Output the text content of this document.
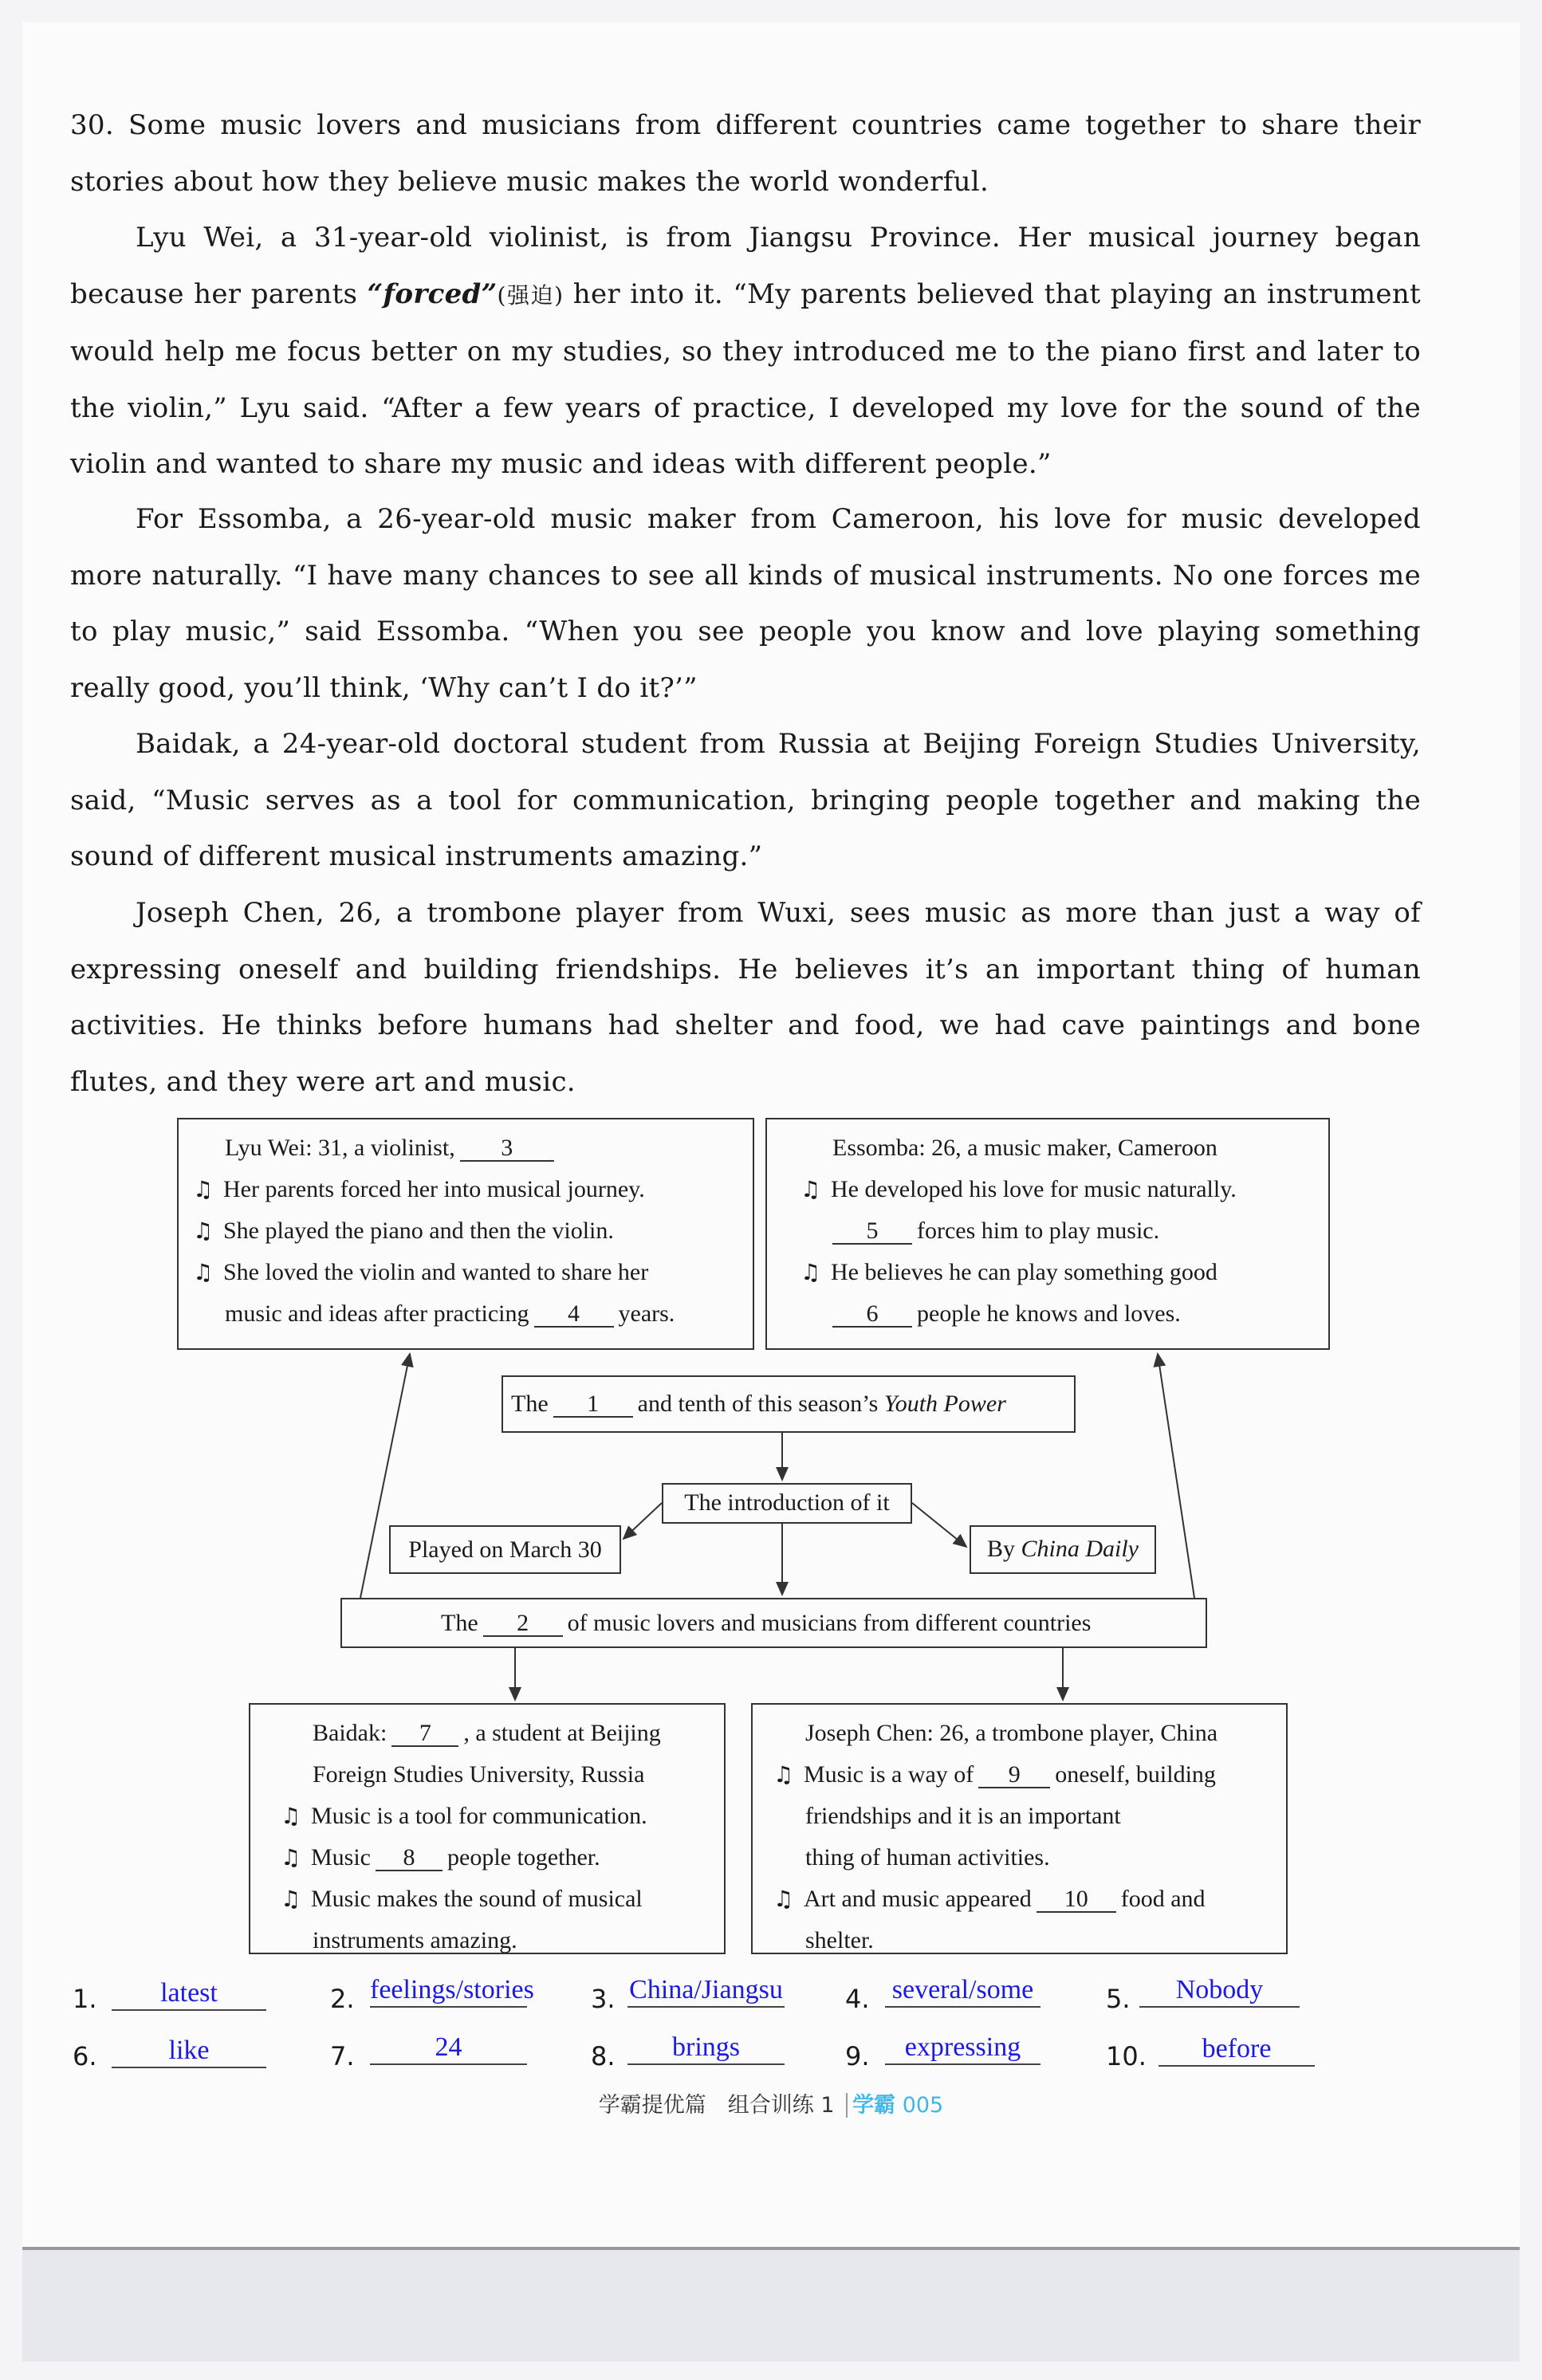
30. Some music lovers and musicians from different countries came together to share their stories about how they believe music makes the world wonderful.
Lyu Wei, a 31-year-old violinist, is from Jiangsu Province. Her musical journey began because her parents “forced”(强迫) her into it. “My parents believed that playing an instrument would help me focus better on my studies, so they introduced me to the piano first and later to the violin,” Lyu said. “After a few years of practice, I developed my love for the sound of the violin and wanted to share my music and ideas with different people.”
For Essomba, a 26-year-old music maker from Cameroon, his love for music developed more naturally. “I have many chances to see all kinds of musical instruments. No one forces me to play music,” said Essomba. “When you see people you know and love playing something really good, you’ll think, ‘Why can’t I do it?’”
Baidak, a 24-year-old doctoral student from Russia at Beijing Foreign Studies University, said, “Music serves as a tool for communication, bringing people together and making the sound of different musical instruments amazing.”
Joseph Chen, 26, a trombone player from Wuxi, sees music as more than just a way of expressing oneself and building friendships. He believes it’s an important thing of human activities. He thinks before humans had shelter and food, we had cave paintings and bone flutes, and they were art and music.
Lyu Wei: 31, a violinist, 3
♫ Her parents forced her into musical journey.
♫ She played the piano and then the violin.
♫ She loved the violin and wanted to share her
music and ideas after practicing 4 years.
Essomba: 26, a music maker, Cameroon
♫ He developed his love for music naturally.
5 forces him to play music.
♫ He believes he can play something good
6 people he knows and loves.
The 1 and tenth of this season’s Youth Power
The introduction of it
Played on March 30	By China Daily
The 2 of music lovers and musicians from different countries
Baidak: 7 , a student at Beijing
Foreign Studies University, Russia
♫ Music is a tool for communication.
♫ Music 8 people together.
♫ Music makes the sound of musical
instruments amazing.
Joseph Chen: 26, a trombone player, China
♫ Music is a way of 9 oneself, building
friendships and it is an important
thing of human activities.
♫ Art and music appeared 10 food and
shelter.
1.	latest	2. feelings/stories 3. China/Jiangsu 4. several/some	5.	Nobody
6.	like	7.	24	8.	brings	9.	expressing	10.	before
学霸提优篇　组合训练 1 学霸 005
